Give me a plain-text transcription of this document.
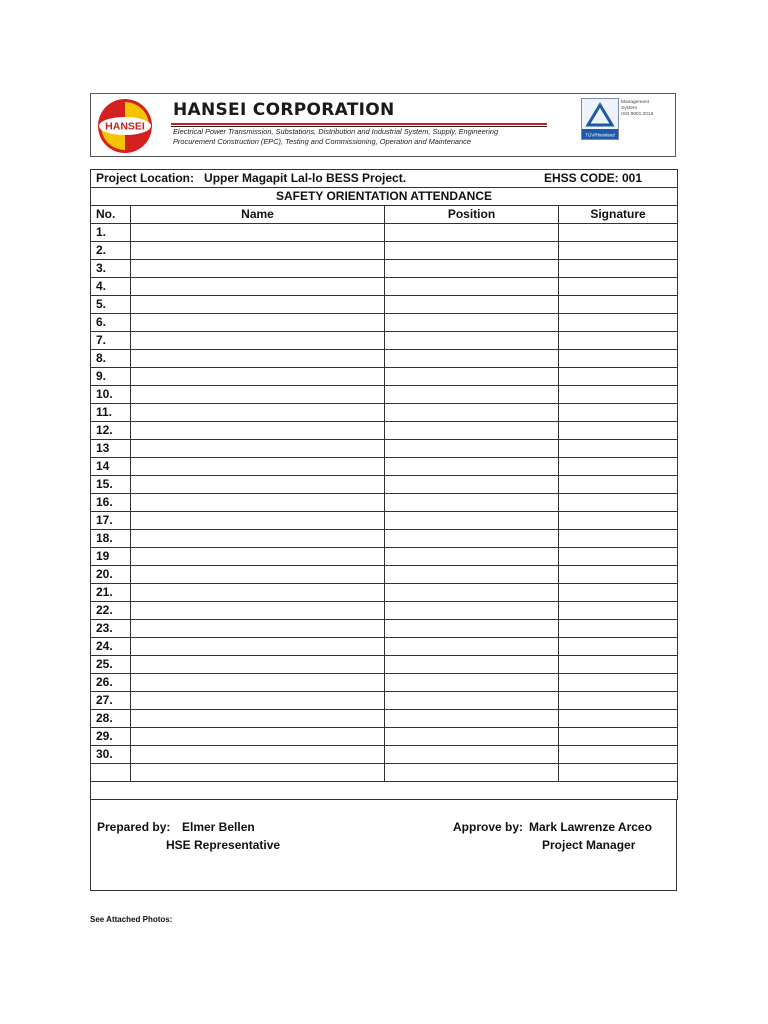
HANSEI
HANSEI CORPORATION
Electrical Power Transmission, Substations, Distribution and Industrial System, Supply, Engineering
Procurement Construction (EPC), Testing and Commissioning, Operation and Maintenance
TÜVRheinland
Management
System
ISO 9001:2015
Project Location: Upper Magapit Lal-lo BESS Project. EHSS CODE: 001			

SAFETY ORIENTATION ATTENDANCE			
No.	Name	Position	Signature
1.			
2.			
3.			
4.			
5.			
6.			
7.			
8.			
9.			
10.			
11.			
12.			
13			
14			
15.			
16.			
17.			
18.			
19			
20.			
21.			
22.			
23.			
24.			
25.			
26.			
27.			
28.			
29.			
30.			

Prepared by: Elmer Bellen
HSE Representative
Approve by: Mark Lawrenze Arceo
Project Manager
See Attached Photos:
